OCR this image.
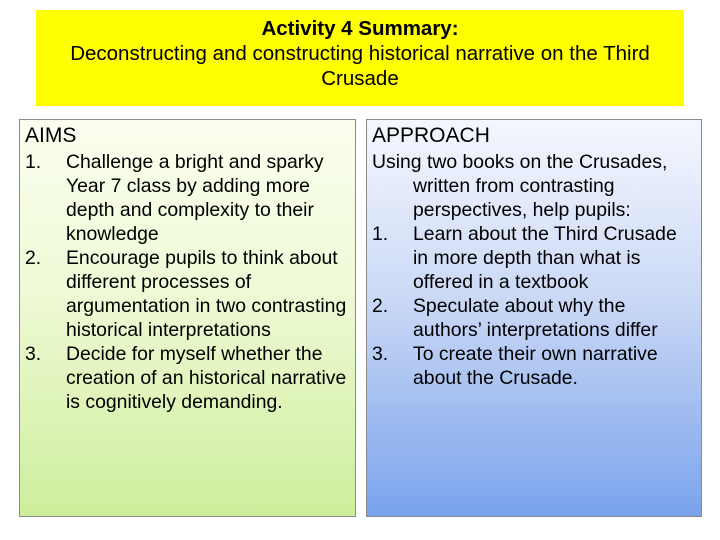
Activity 4 Summary:
Deconstructing and constructing historical narrative on the Third Crusade
AIMS
1. Challenge a bright and sparky Year 7 class by adding more depth and complexity to their knowledge
2. Encourage pupils to think about different processes of argumentation in two contrasting historical interpretations
3. Decide for myself whether the creation of an historical narrative is cognitively demanding.
APPROACH
Using two books on the Crusades, written from contrasting perspectives, help pupils:
1. Learn about the Third Crusade in more depth than what is offered in a textbook
2. Speculate about why the authors’ interpretations differ
3. To create their own narrative about the Crusade.
